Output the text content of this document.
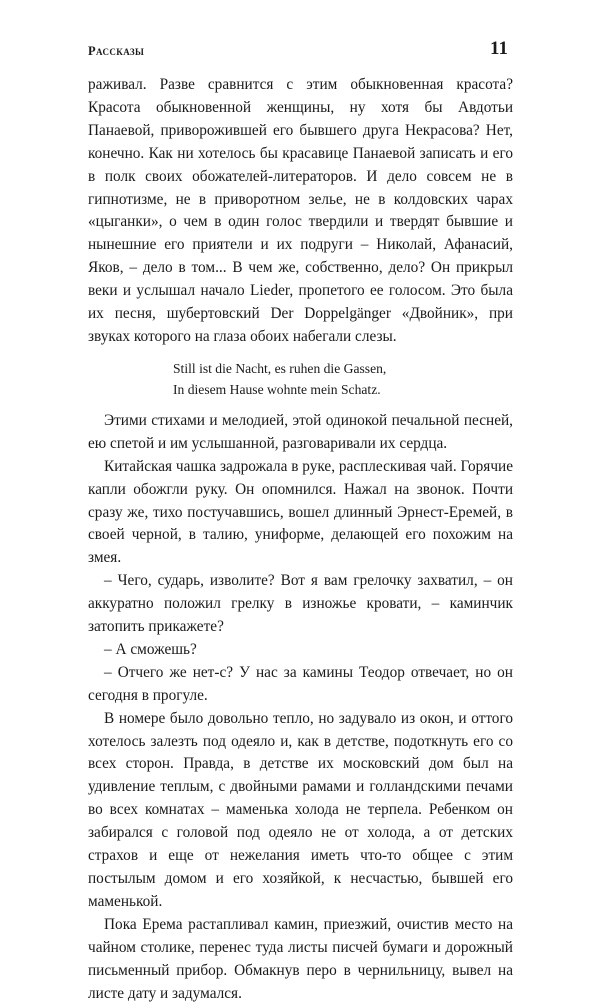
Рассказы	11

раживал. Разве сравнится с этим обыкновенная красота? Красота обыкновенной женщины, ну хотя бы Авдотьи Панаевой, приворожившей его бывшего друга Некрасова? Нет, конечно. Как ни хотелось бы красавице Панаевой записать и его в полк своих обожателей-литераторов. И дело совсем не в гипнотизме, не в приворотном зелье, не в колдовских чарах «цыганки», о чем в один голос твердили и твердят бывшие и нынешние его приятели и их подруги – Николай, Афанасий, Яков, – дело в том... В чем же, собственно, дело? Он прикрыл веки и услышал начало Lieder, пропетого ее голосом. Это была их песня, шубертовский Der Doppelgänger «Двойник», при звуках которого на глаза обоих набегали слезы.

Still ist die Nacht, es ruhen die Gassen,
In diesem Hause wohnte mein Schatz.

Этими стихами и мелодией, этой одинокой печальной песней, ею спетой и им услышанной, разговаривали их сердца.

Китайская чашка задрожала в руке, расплескивая чай. Горячие капли обожгли руку. Он опомнился. Нажал на звонок. Почти сразу же, тихо постучавшись, вошел длинный Эрнест-Еремей, в своей черной, в талию, униформе, делающей его похожим на змея.

– Чего, сударь, изволите? Вот я вам грелочку захватил, – он аккуратно положил грелку в изножье кровати, – каминчик затопить прикажете?

– А сможешь?

– Отчего же нет-с? У нас за камины Теодор отвечает, но он сегодня в прогуле.

В номере было довольно тепло, но задувало из окон, и оттого хотелось залезть под одеяло и, как в детстве, подоткнуть его со всех сторон. Правда, в детстве их московский дом был на удивление теплым, с двойными рамами и голландскими печами во всех комнатах – маменька холода не терпела. Ребенком он забирался с головой под одеяло не от холода, а от детских страхов и еще от нежелания иметь что-то общее с этим постылым домом и его хозяйкой, к несчастью, бывшей его маменькой.

Пока Ерема растапливал камин, приезжий, очистив место на чайном столике, перенес туда листы писчей бумаги и дорожный письменный прибор. Обмакнув перо в чернильницу, вывел на листе дату и задумался.
